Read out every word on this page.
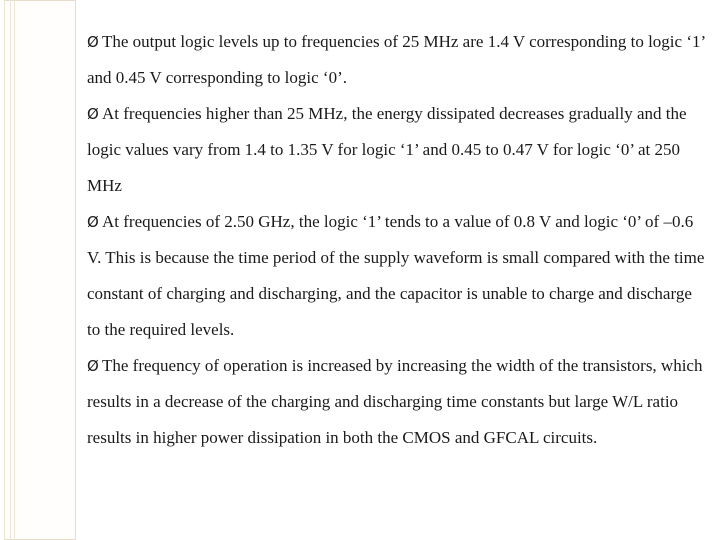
Ø The output logic levels up to frequencies of 25 MHz are 1.4 V corresponding to logic ‘1’ and 0.45 V corresponding to logic ‘0’.

Ø At frequencies higher than 25 MHz, the energy dissipated decreases gradually and the logic values vary from 1.4 to 1.35 V for logic ‘1’ and 0.45 to 0.47 V for logic ‘0’ at 250 MHz

Ø At frequencies of 2.50 GHz, the logic ‘1’ tends to a value of 0.8 V and logic ‘0’ of –0.6 V. This is because the time period of the supply waveform is small compared with the time constant of charging and discharging, and the capacitor is unable to charge and discharge to the required levels.

Ø The frequency of operation is increased by increasing the width of the transistors, which results in a decrease of the charging and discharging time constants but large W/L ratio results in higher power dissipation in both the CMOS and GFCAL circuits.
